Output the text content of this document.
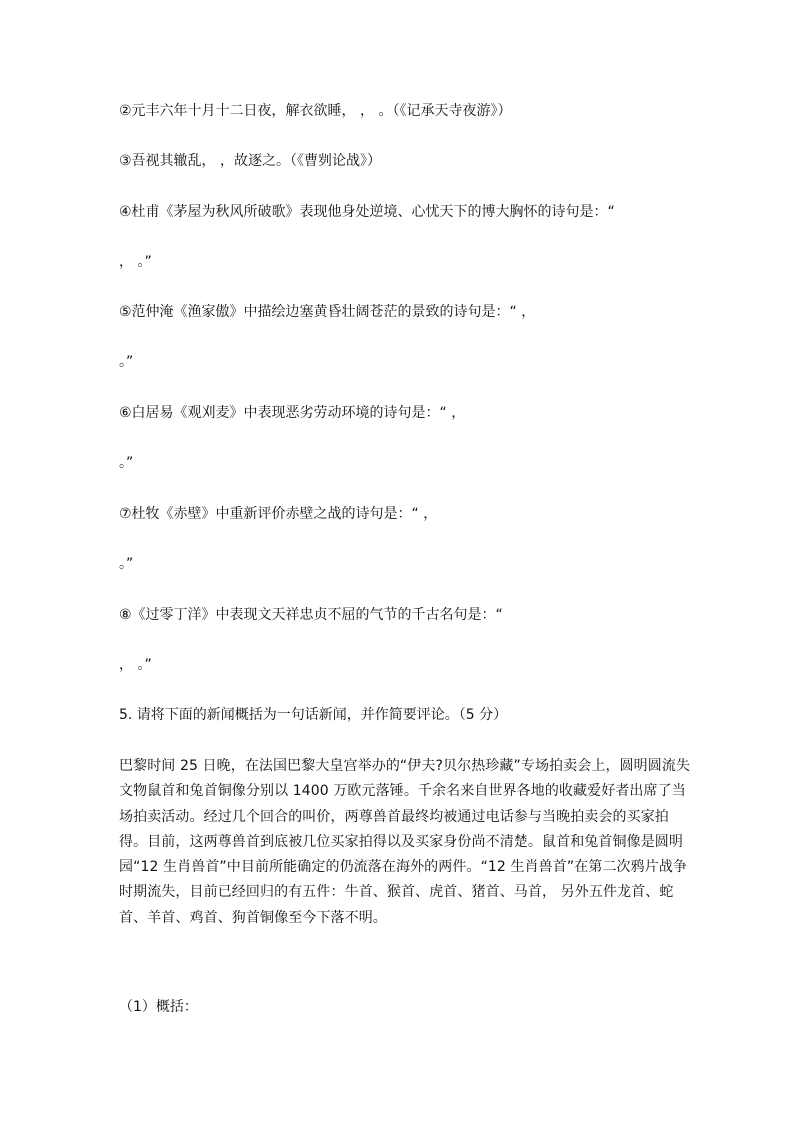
②元丰六年十月十二日夜，解衣欲睡， ， 。（《记承天寺夜游》）

③吾视其辙乱， ，故逐之。（《曹刿论战》）

④杜甫《茅屋为秋风所破歌》表现他身处逆境、心忧天下的博大胸怀的诗句是：“

， 。”

⑤范仲淹《渔家傲》中描绘边塞黄昏壮阔苍茫的景致的诗句是：“ ，

。”

⑥白居易《观刈麦》中表现恶劣劳动环境的诗句是：“ ，

。”

⑦杜牧《赤壁》中重新评价赤壁之战的诗句是：“ ，

。”

⑧《过零丁洋》中表现文天祥忠贞不屈的气节的千古名句是：“

， 。”

5. 请将下面的新闻概括为一句话新闻，并作简要评论。（5 分）

巴黎时间 25 日晚，在法国巴黎大皇宫举办的“伊夫?贝尔热珍藏”专场拍卖会上，圆明圆流失文物鼠首和兔首铜像分别以 1400 万欧元落锤。千余名来自世界各地的收藏爱好者出席了当场拍卖活动。经过几个回合的叫价，两尊兽首最终均被通过电话参与当晚拍卖会的买家拍得。目前，这两尊兽首到底被几位买家拍得以及买家身份尚不清楚。鼠首和兔首铜像是圆明园“12 生肖兽首”中目前所能确定的仍流落在海外的两件。“12 生肖兽首”在第二次鸦片战争时期流失，目前已经回归的有五件：牛首、猴首、虎首、猪首、马首， 另外五件龙首、蛇首、羊首、鸡首、狗首铜像至今下落不明。

（1）概括：
